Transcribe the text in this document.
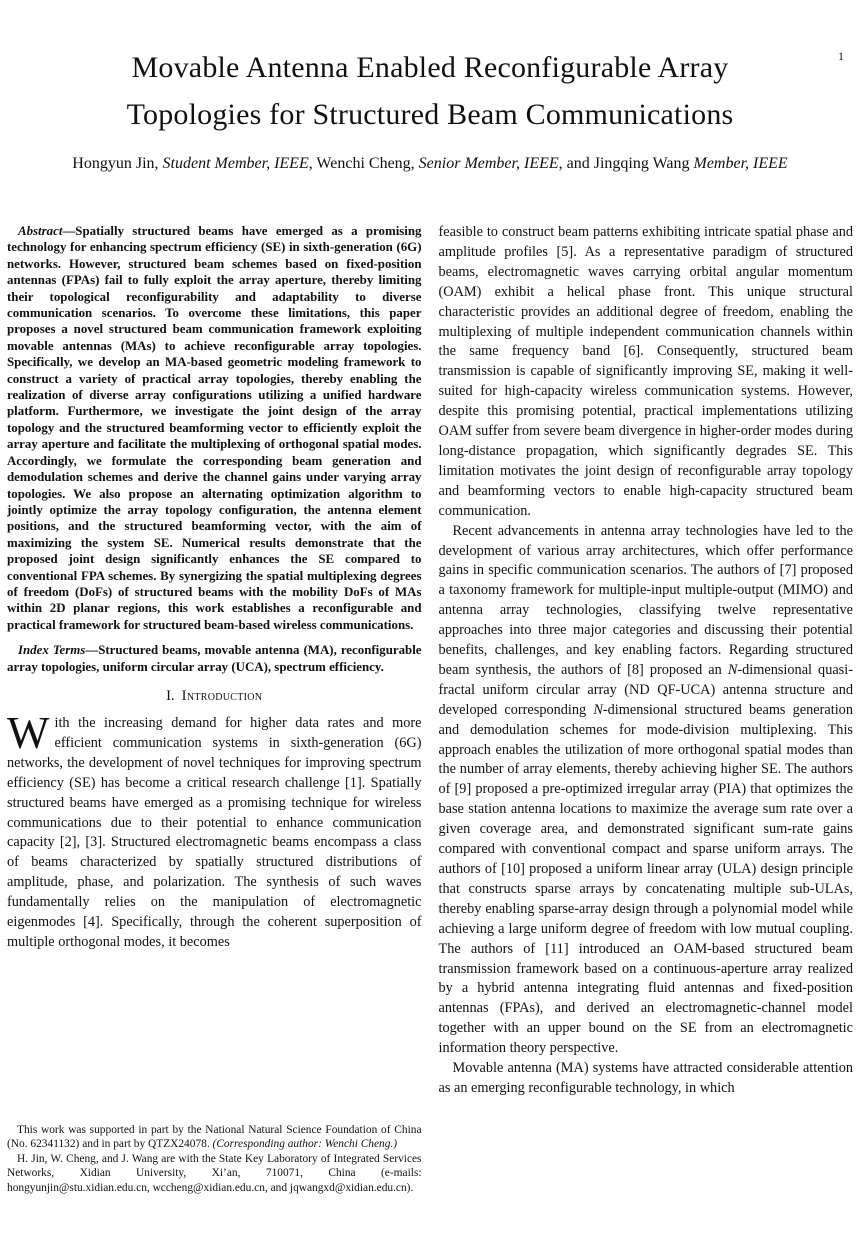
1
Movable Antenna Enabled Reconfigurable Array
Topologies for Structured Beam Communications
Hongyun Jin, Student Member, IEEE, Wenchi Cheng, Senior Member, IEEE, and Jingqing Wang Member, IEEE

Abstract—Spatially structured beams have emerged as a promising technology for enhancing spectrum efficiency (SE) in sixth-generation (6G) networks. However, structured beam schemes based on fixed-position antennas (FPAs) fail to fully exploit the array aperture, thereby limiting their topological reconfigurability and adaptability to diverse communication scenarios. To overcome these limitations, this paper proposes a novel structured beam communication framework exploiting movable antennas (MAs) to achieve reconfigurable array topologies. Specifically, we develop an MA-based geometric modeling framework to construct a variety of practical array topologies, thereby enabling the realization of diverse array configurations utilizing a unified hardware platform. Furthermore, we investigate the joint design of the array topology and the structured beamforming vector to efficiently exploit the array aperture and facilitate the multiplexing of orthogonal spatial modes. Accordingly, we formulate the corresponding beam generation and demodulation schemes and derive the channel gains under varying array topologies. We also propose an alternating optimization algorithm to jointly optimize the array topology configuration, the antenna element positions, and the structured beamforming vector, with the aim of maximizing the system SE. Numerical results demonstrate that the proposed joint design significantly enhances the SE compared to conventional FPA schemes. By synergizing the spatial multiplexing degrees of freedom (DoFs) of structured beams with the mobility DoFs of MAs within 2D planar regions, this work establishes a reconfigurable and practical framework for structured beam-based wireless communications.

Index Terms—Structured beams, movable antenna (MA), reconfigurable array topologies, uniform circular array (UCA), spectrum efficiency.

I. Introduction

With the increasing demand for higher data rates and more efficient communication systems in sixth-generation (6G) networks, the development of novel techniques for improving spectrum efficiency (SE) has become a critical research challenge [1]. Spatially structured beams have emerged as a promising technique for wireless communications due to their potential to enhance communication capacity [2], [3]. Structured electromagnetic beams encompass a class of beams characterized by spatially structured distributions of amplitude, phase, and polarization. The synthesis of such waves fundamentally relies on the manipulation of electromagnetic eigenmodes [4]. Specifically, through the coherent superposition of multiple orthogonal modes, it becomes

This work was supported in part by the National Natural Science Foundation of China (No. 62341132) and in part by QTZX24078. (Corresponding author: Wenchi Cheng.)

H. Jin, W. Cheng, and J. Wang are with the State Key Laboratory of Integrated Services Networks, Xidian University, Xi’an, 710071, China (e-mails: hongyunjin@stu.xidian.edu.cn, wccheng@xidian.edu.cn, and jqwangxd@xidian.edu.cn).

feasible to construct beam patterns exhibiting intricate spatial phase and amplitude profiles [5]. As a representative paradigm of structured beams, electromagnetic waves carrying orbital angular momentum (OAM) exhibit a helical phase front. This unique structural characteristic provides an additional degree of freedom, enabling the multiplexing of multiple independent communication channels within the same frequency band [6]. Consequently, structured beam transmission is capable of significantly improving SE, making it well-suited for high-capacity wireless communication systems. However, despite this promising potential, practical implementations utilizing OAM suffer from severe beam divergence in higher-order modes during long-distance propagation, which significantly degrades SE. This limitation motivates the joint design of reconfigurable array topology and beamforming vectors to enable high-capacity structured beam communication.

Recent advancements in antenna array technologies have led to the development of various array architectures, which offer performance gains in specific communication scenarios. The authors of [7] proposed a taxonomy framework for multiple-input multiple-output (MIMO) and antenna array technologies, classifying twelve representative approaches into three major categories and discussing their potential benefits, challenges, and key enabling factors. Regarding structured beam synthesis, the authors of [8] proposed an N-dimensional quasi-fractal uniform circular array (ND QF-UCA) antenna structure and developed corresponding N-dimensional structured beams generation and demodulation schemes for mode-division multiplexing. This approach enables the utilization of more orthogonal spatial modes than the number of array elements, thereby achieving higher SE. The authors of [9] proposed a pre-optimized irregular array (PIA) that optimizes the base station antenna locations to maximize the average sum rate over a given coverage area, and demonstrated significant sum-rate gains compared with conventional compact and sparse uniform arrays. The authors of [10] proposed a uniform linear array (ULA) design principle that constructs sparse arrays by concatenating multiple sub-ULAs, thereby enabling sparse-array design through a polynomial model while achieving a large uniform degree of freedom with low mutual coupling. The authors of [11] introduced an OAM-based structured beam transmission framework based on a continuous-aperture array realized by a hybrid antenna integrating fluid antennas and fixed-position antennas (FPAs), and derived an electromagnetic-channel model together with an upper bound on the SE from an electromagnetic information theory perspective.

Movable antenna (MA) systems have attracted considerable attention as an emerging reconfigurable technology, in which
